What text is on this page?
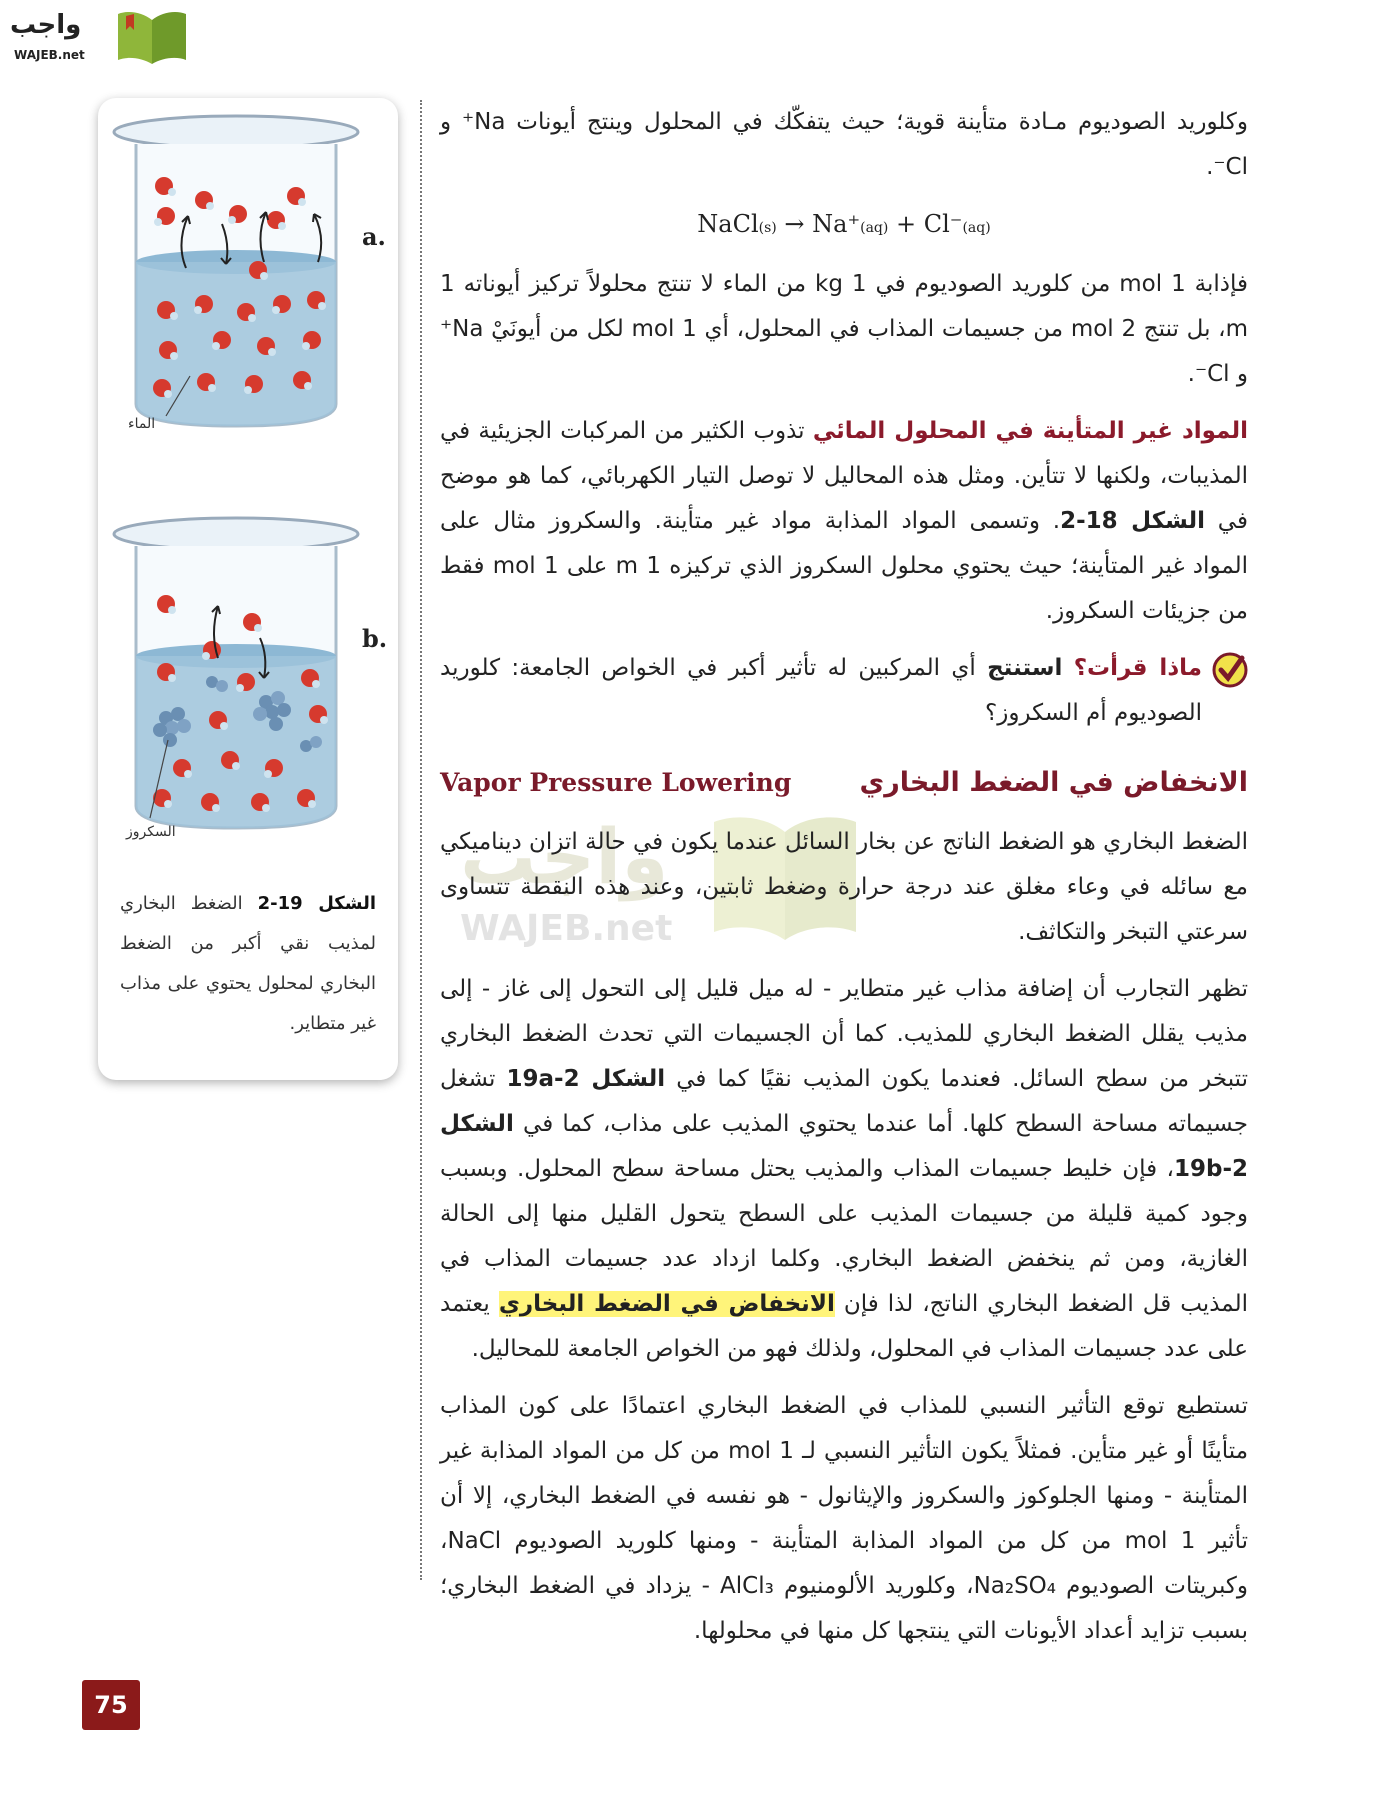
واجب
WAJEB.net
واجب
WAJEB.net
a.
b.
الماء
السكروز
الشكل 19-2 الضغط البخاري لمذيب نقي أكبر من الضغط البخاري لمحلول يحتوي على مذاب غير متطاير.

وكلوريد الصوديوم مـادة متأينة قوية؛ حيث يتفكّك في المحلول وينتج أيونات Na⁺ و Cl⁻.

NaCl(s) → Na⁺(aq) + Cl⁻(aq)

فإذابة 1 mol من كلوريد الصوديوم في 1 kg من الماء لا تنتج محلولاً تركيز أيوناته 1 m، بل تنتج 2 mol من جسيمات المذاب في المحلول، أي 1 mol لكل من أيونَيْ Na⁺ و Cl⁻.

المواد غير المتأينة في المحلول المائي تذوب الكثير من المركبات الجزيئية في المذيبات، ولكنها لا تتأين. ومثل هذه المحاليل لا توصل التيار الكهربائي، كما هو موضح في الشكل 18-2. وتسمى المواد المذابة مواد غير متأينة. والسكروز مثال على المواد غير المتأينة؛ حيث يحتوي محلول السكروز الذي تركيزه 1 m على 1 mol فقط من جزيئات السكروز.

ماذا قرأت؟ استنتج أي المركبين له تأثير أكبر في الخواص الجامعة: كلوريد الصوديوم أم السكروز؟

الانخفاض في الضغط البخاري
Vapor Pressure Lowering

الضغط البخاري هو الضغط الناتج عن بخار السائل عندما يكون في حالة اتزان ديناميكي مع سائله في وعاء مغلق عند درجة حرارة وضغط ثابتين، وعند هذه النقطة تتساوى سرعتي التبخر والتكاثف.

تظهر التجارب أن إضافة مذاب غير متطاير - له ميل قليل إلى التحول إلى غاز - إلى مذيب يقلل الضغط البخاري للمذيب. كما أن الجسيمات التي تحدث الضغط البخاري تتبخر من سطح السائل. فعندما يكون المذيب نقيًا كما في الشكل 19a-2 تشغل جسيماته مساحة السطح كلها. أما عندما يحتوي المذيب على مذاب، كما في الشكل 19b-2، فإن خليط جسيمات المذاب والمذيب يحتل مساحة سطح المحلول. وبسبب وجود كمية قليلة من جسيمات المذيب على السطح يتحول القليل منها إلى الحالة الغازية، ومن ثم ينخفض الضغط البخاري. وكلما ازداد عدد جسيمات المذاب في المذيب قل الضغط البخاري الناتج، لذا فإن الانخفاض في الضغط البخاري يعتمد على عدد جسيمات المذاب في المحلول، ولذلك فهو من الخواص الجامعة للمحاليل.

تستطيع توقع التأثير النسبي للمذاب في الضغط البخاري اعتمادًا على كون المذاب متأينًا أو غير متأين. فمثلاً يكون التأثير النسبي لـ 1 mol من كل من المواد المذابة غير المتأينة - ومنها الجلوكوز والسكروز والإيثانول - هو نفسه في الضغط البخاري، إلا أن تأثير 1 mol من كل من المواد المذابة المتأينة - ومنها كلوريد الصوديوم NaCl، وكبريتات الصوديوم Na₂SO₄، وكلوريد الألومنيوم AlCl₃ - يزداد في الضغط البخاري؛ بسبب تزايد أعداد الأيونات التي ينتجها كل منها في محلولها.

75
